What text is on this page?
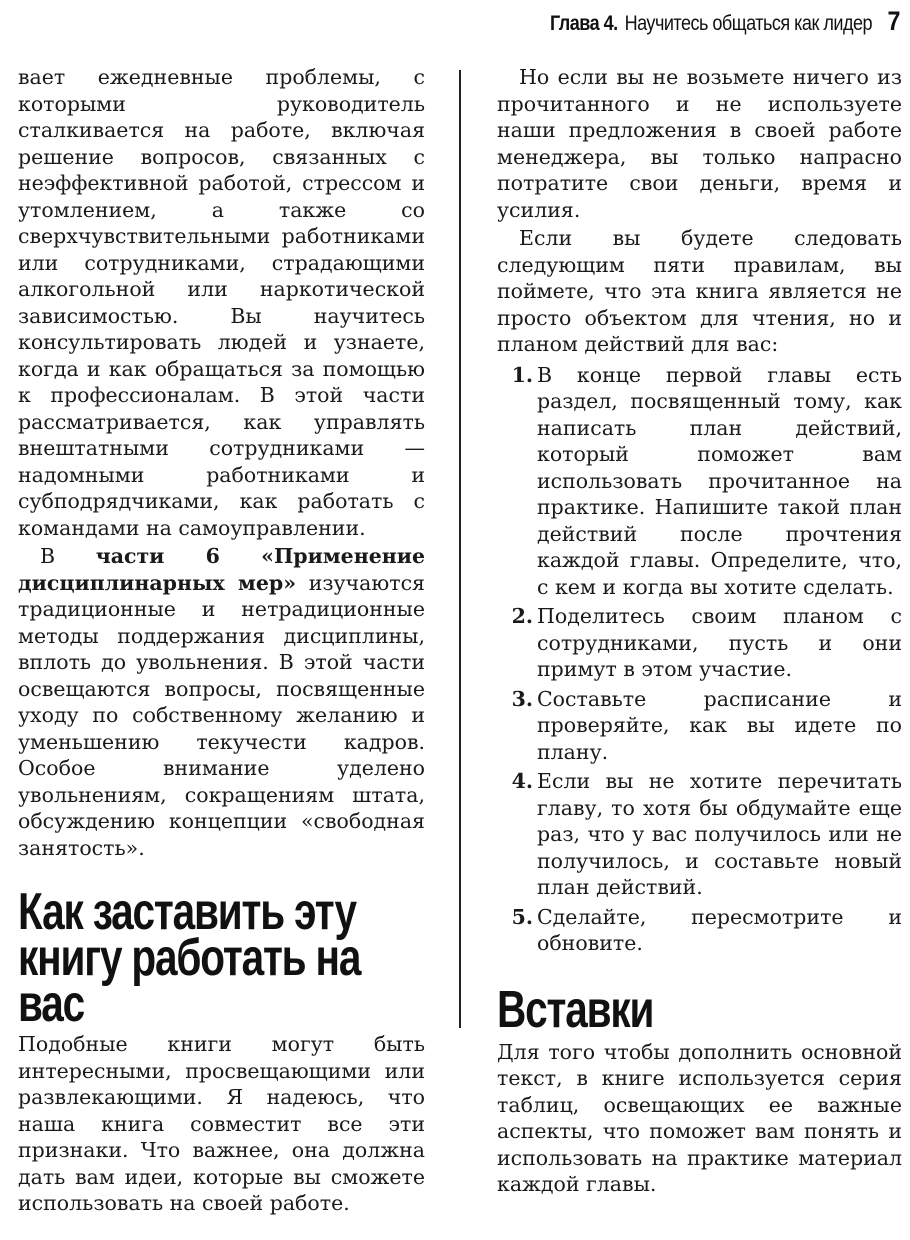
Глава 4. Научитесь общаться как лидер 7

вает ежедневные проблемы, с которыми руководитель сталкивается на работе, включая решение вопросов, связанных с неэффективной работой, стрессом и утомлением, а также со сверхчувствительными работниками или сотрудниками, страдающими алкогольной или наркотической зависимостью. Вы научитесь консультировать людей и узнаете, когда и как обращаться за помощью к профессионалам. В этой части рассматривается, как управлять внештатными сотрудниками — надомными работниками и субподрядчиками, как работать с командами на самоуправлении.

В части 6 «Применение дисциплинарных мер» изучаются традиционные и нетрадиционные методы поддержания дисциплины, вплоть до увольнения. В этой части освещаются вопросы, посвященные уходу по собственному желанию и уменьшению текучести кадров. Особое внимание уделено увольнениям, сокращениям штата, обсуждению концепции «свободная занятость».

Как заставить эту книгу работать на вас

Подобные книги могут быть интересными, просвещающими или развлекающими. Я надеюсь, что наша книга совместит все эти признаки. Что важнее, она должна дать вам идеи, которые вы сможете использовать на своей работе.

Но если вы не возьмете ничего из прочитанного и не используете наши предложения в своей работе менеджера, вы только напрасно потратите свои деньги, время и усилия.

Если вы будете следовать следующим пяти правилам, вы поймете, что эта книга является не просто объектом для чтения, но и планом действий для вас:

1. В конце первой главы есть раздел, посвященный тому, как написать план действий, который поможет вам использовать прочитанное на практике. Напишите такой план действий после прочтения каждой главы. Определите, что, с кем и когда вы хотите сделать.
2. Поделитесь своим планом с сотрудниками, пусть и они примут в этом участие.
3. Составьте расписание и проверяйте, как вы идете по плану.
4. Если вы не хотите перечитать главу, то хотя бы обдумайте еще раз, что у вас получилось или не получилось, и составьте новый план действий.
5. Сделайте, пересмотрите и обновите.
Вставки

Для того чтобы дополнить основной текст, в книге используется серия таблиц, освещающих ее важные аспекты, что поможет вам понять и использовать на практике материал каждой главы.
